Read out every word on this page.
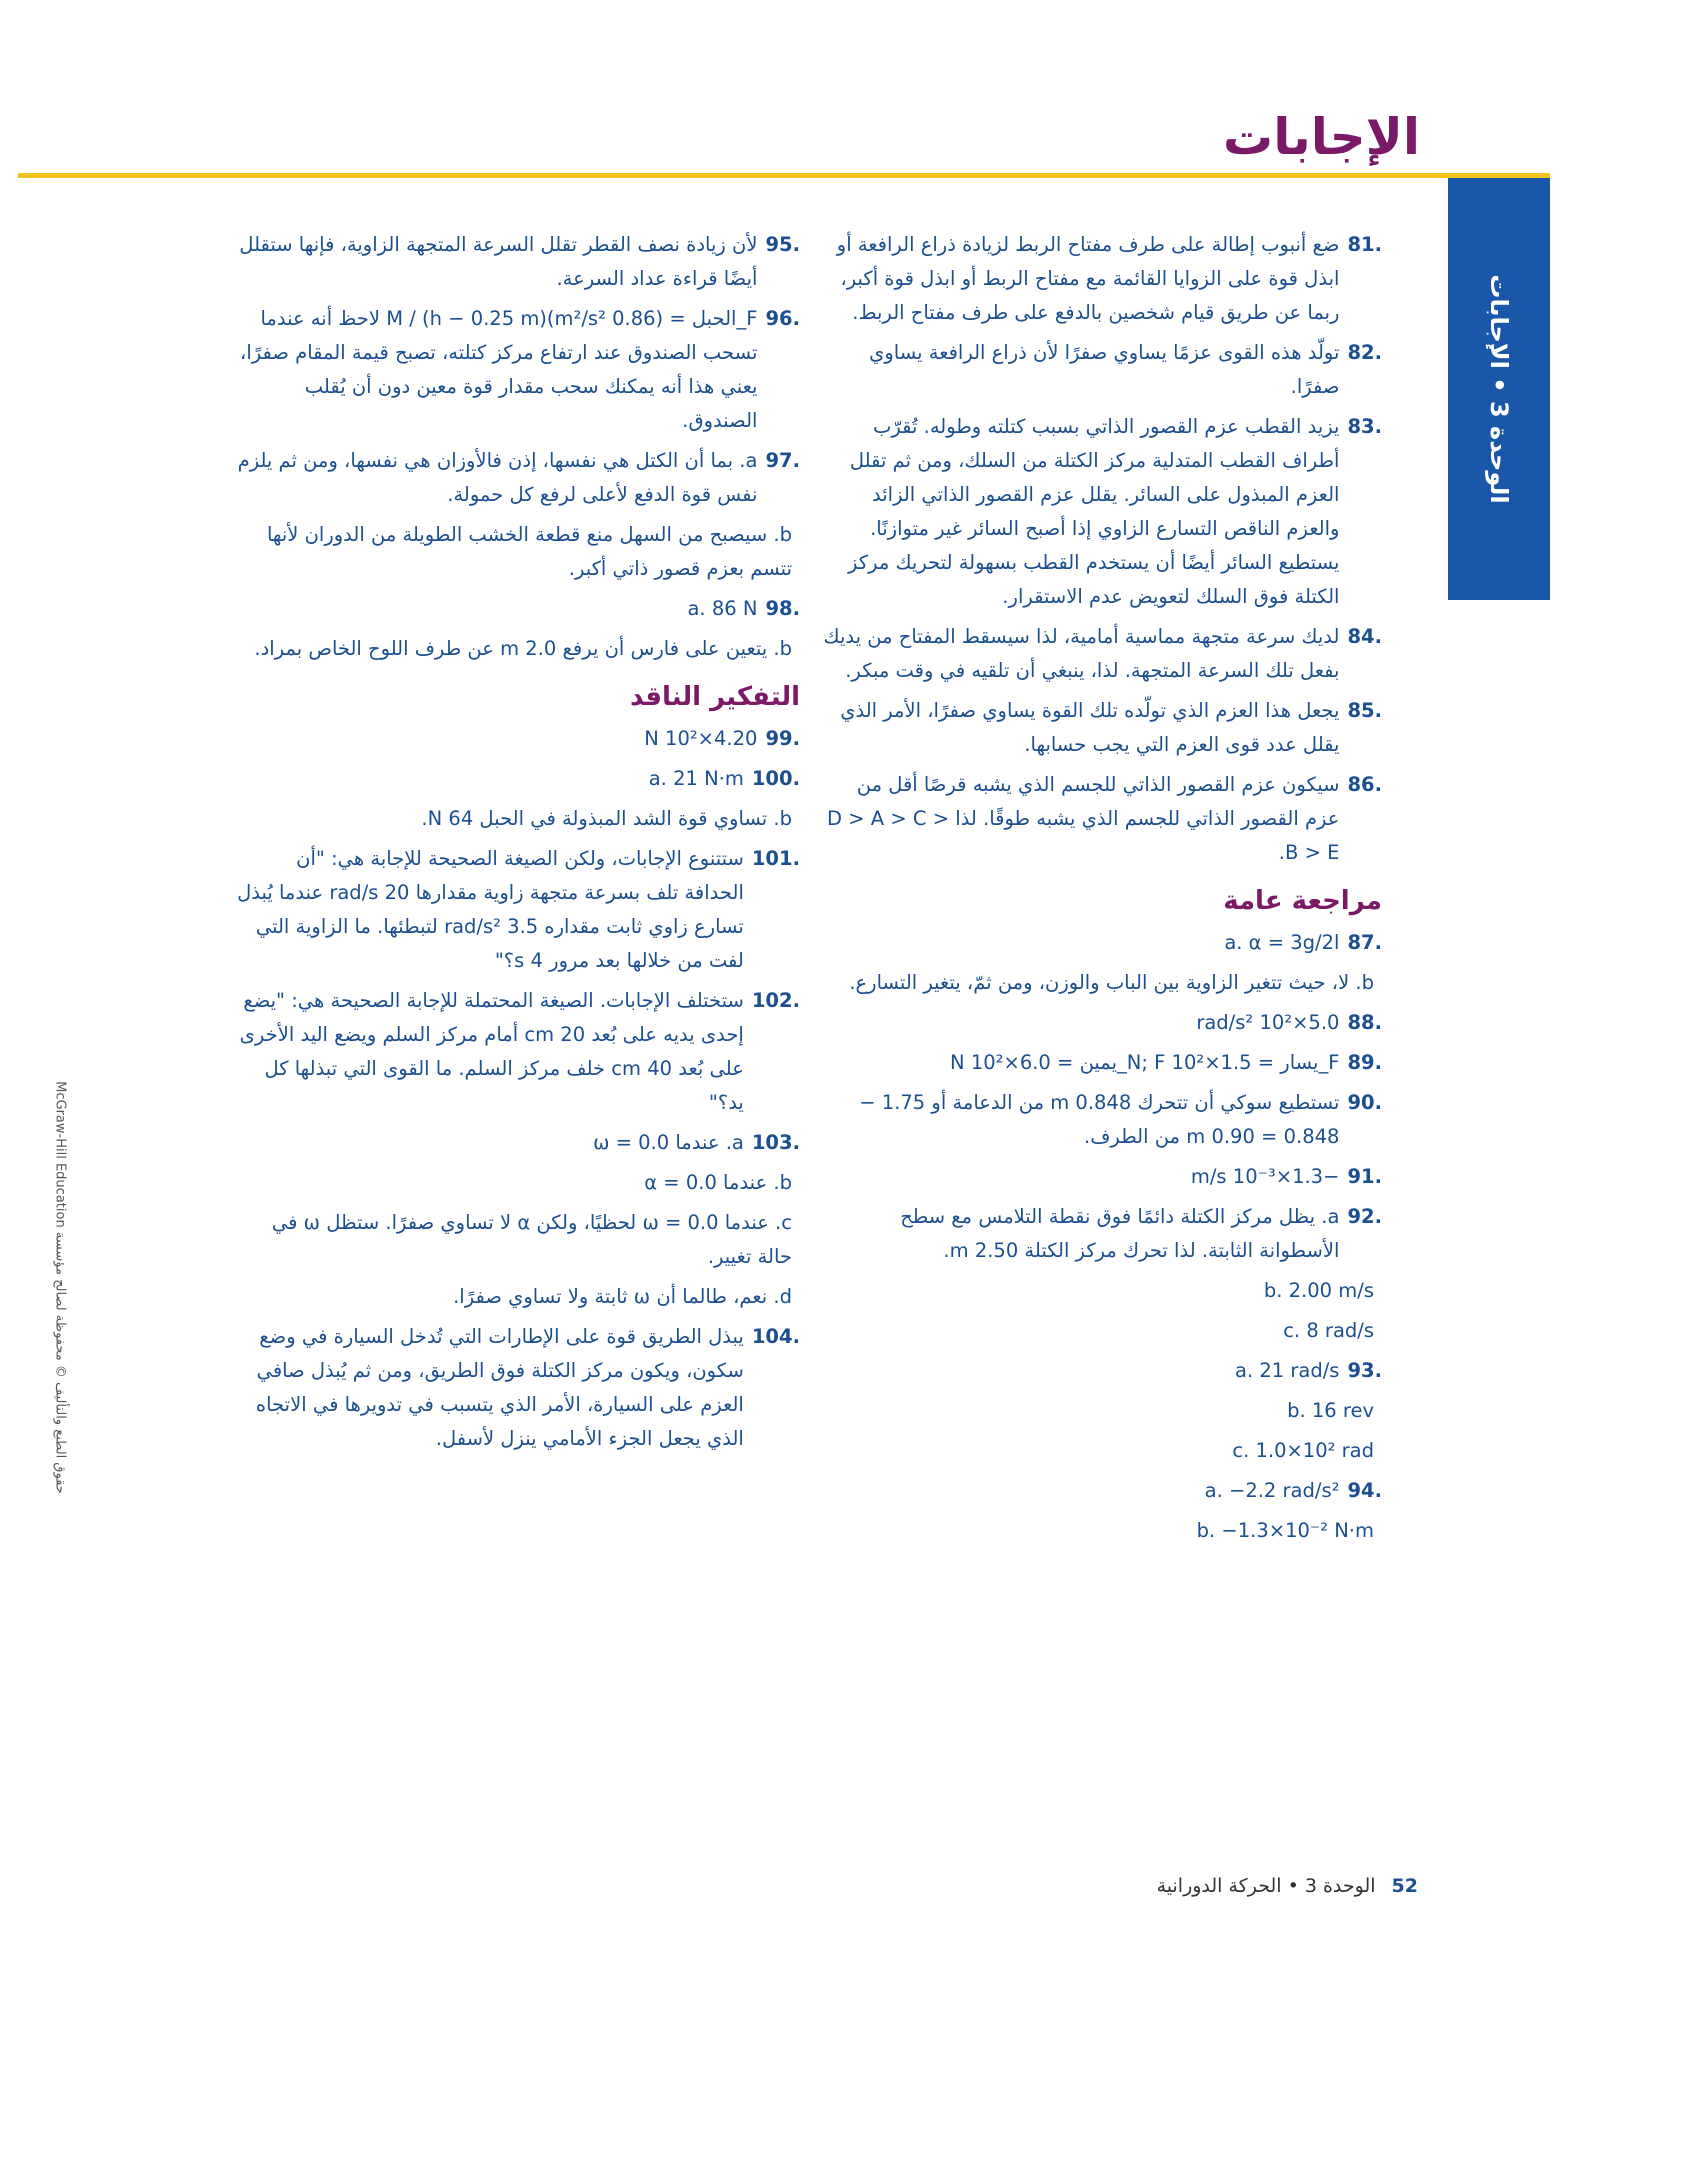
الإجابات
الوحدة 3 • الإجابات
.81
ضع أنبوب إطالة على طرف مفتاح الربط لزيادة ذراع الرافعة أو ابذل قوة على الزوايا القائمة مع مفتاح الربط أو ابذل قوة أكبر، ربما عن طريق قيام شخصين بالدفع على طرف مفتاح الربط.
.82
تولّد هذه القوى عزمًا يساوي صفرًا لأن ذراع الرافعة يساوي صفرًا.
.83
يزيد القطب عزم القصور الذاتي بسبب كتلته وطوله. تُقرّب أطراف القطب المتدلية مركز الكتلة من السلك، ومن ثم تقلل العزم المبذول على السائر. يقلل عزم القصور الذاتي الزائد والعزم الناقص التسارع الزاوي إذا أصبح السائر غير متوازنًا. يستطيع السائر أيضًا أن يستخدم القطب بسهولة لتحريك مركز الكتلة فوق السلك لتعويض عدم الاستقرار.
.84
لديك سرعة متجهة مماسية أمامية، لذا سيسقط المفتاح من يديك بفعل تلك السرعة المتجهة. لذا، ينبغي أن تلقيه في وقت مبكر.
.85
يجعل هذا العزم الذي تولّده تلك القوة يساوي صفرًا، الأمر الذي يقلل عدد قوى العزم التي يجب حسابها.
.86
سيكون عزم القصور الذاتي للجسم الذي يشبه قرصًا أقل من عزم القصور الذاتي للجسم الذي يشبه طوقًا. لذا D > A > C > B > E.
مراجعة عامة
.87
a. α = 3g/2l
b. لا، حيث تتغير الزاوية بين الباب والوزن، ومن ثمّ، يتغير التسارع.
.88
5.0×10² rad/s²
.89
F_يسار = 1.5×10² N; F_يمين = 6.0×10² N
.90
تستطيع سوكي أن تتحرك 0.848 m من الدعامة أو 1.75 − 0.848 = 0.90 m من الطرف.
.91
−1.3×10⁻³ m/s
.92
a. يظل مركز الكتلة دائمًا فوق نقطة التلامس مع سطح الأسطوانة الثابتة. لذا تحرك مركز الكتلة 2.50 m.
b. 2.00 m/s
c. 8 rad/s
.93
a. 21 rad/s
b. 16 rev
c. 1.0×10² rad
.94
a. −2.2 rad/s²
b. −1.3×10⁻² N·m
.95
لأن زيادة نصف القطر تقلل السرعة المتجهة الزاوية، فإنها ستقلل أيضًا قراءة عداد السرعة.
.96
F_الحبل = (0.86 m²/s²)M / (h − 0.25 m) لاحظ أنه عندما تسحب الصندوق عند ارتفاع مركز كتلته، تصبح قيمة المقام صفرًا، يعني هذا أنه يمكنك سحب مقدار قوة معين دون أن يُقلب الصندوق.
.97
a. بما أن الكتل هي نفسها، إذن فالأوزان هي نفسها، ومن ثم يلزم نفس قوة الدفع لأعلى لرفع كل حمولة.
b. سيصبح من السهل منع قطعة الخشب الطويلة من الدوران لأنها تتسم بعزم قصور ذاتي أكبر.
.98
a. 86 N
b. يتعين على فارس أن يرفع 2.0 m عن طرف اللوح الخاص بمراد.
التفكير الناقد
.99
4.20×10² N
.100
a. 21 N·m
b. تساوي قوة الشد المبذولة في الحبل 64 N.
.101
ستتنوع الإجابات، ولكن الصيغة الصحيحة للإجابة هي: "أن الحدافة تلف بسرعة متجهة زاوية مقدارها 20 rad/s عندما يُبذل تسارع زاوي ثابت مقداره 3.5 rad/s² لتبطئها. ما الزاوية التي لفت من خلالها بعد مرور 4 s؟"
.102
ستختلف الإجابات. الصيغة المحتملة للإجابة الصحيحة هي: "يضع إحدى يديه على بُعد 20 cm أمام مركز السلم ويضع اليد الأخرى على بُعد 40 cm خلف مركز السلم. ما القوى التي تبذلها كل يد؟"
.103
a. عندما ω = 0.0
b. عندما α = 0.0
c. عندما ω = 0.0 لحظيًا، ولكن α لا تساوي صفرًا. ستظل ω في حالة تغيير.
d. نعم، طالما أن ω ثابتة ولا تساوي صفرًا.
.104
يبذل الطريق قوة على الإطارات التي تُدخل السيارة في وضع سكون، ويكون مركز الكتلة فوق الطريق، ومن ثم يُبذل صافي العزم على السيارة، الأمر الذي يتسبب في تدويرها في الاتجاه الذي يجعل الجزء الأمامي ينزل لأسفل.
52الوحدة 3 • الحركة الدورانية
حقوق الطبع والتأليف © محفوظة لصالح مؤسسة McGraw-Hill Education
